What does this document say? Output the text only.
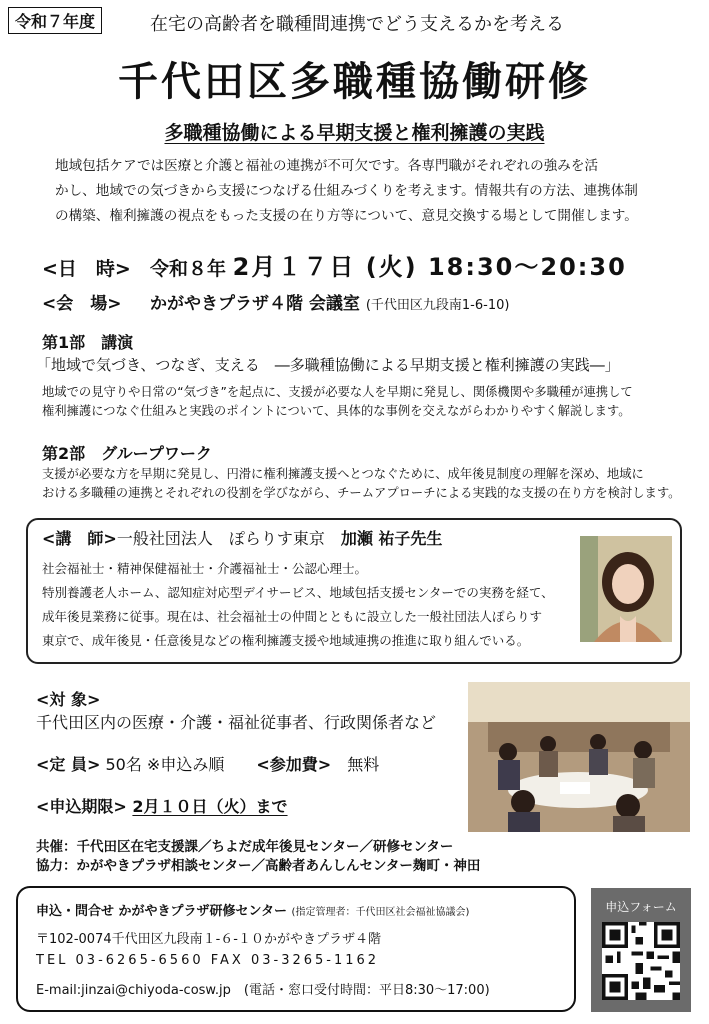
令和７年度	在宅の高齢者を職種間連携でどう支えるかを考える
千代田区多職種協働研修
多職種協働による早期支援と権利擁護の実践
地域包括ケアでは医療と介護と福祉の連携が不可欠です。各専門職がそれぞれの強みを活
かし、地域での気づきから支援につなげる仕組みづくりを考えます。情報共有の方法、連携体制
の構築、権利擁護の視点をもった支援の在り方等について、意見交換する場として開催します。
<日　時> 令和８年 2月１７日 (火) 18:30～20:30
<会　場> かがやきプラザ４階 会議室 (千代田区九段南1-6-10)
第1部　講演
「地域で気づき、つなぎ、支える　―多職種協働による早期支援と権利擁護の実践―」
地域での見守りや日常の“気づき”を起点に、支援が必要な人を早期に発見し、関係機関や多職種が連携して
権利擁護につなぐ仕組みと実践のポイントについて、具体的な事例を交えながらわかりやすく解説します。
第2部　グループワーク
支援が必要な方を早期に発見し、円滑に権利擁護支援へとつなぐために、成年後見制度の理解を深め、地域に
おける多職種の連携とそれぞれの役割を学びながら、チームアプローチによる実践的な支援の在り方を検討します。
<講　師>一般社団法人　ぽらりす東京　 加瀬 祐子先生
社会福祉士・精神保健福祉士・介護福祉士・公認心理士。
特別養護老人ホーム、認知症対応型デイサービス、地域包括支援センターでの実務を経て、
成年後見業務に従事。現在は、社会福祉士の仲間とともに設立した一般社団法人ぽらりす
東京で、成年後見・任意後見などの権利擁護支援や地域連携の推進に取り組んでいる。
<対 象>
千代田区内の医療・介護・福祉従事者、行政関係者など
<定 員> 50名 ※申込み順　　 <参加費>　 無料
<申込期限> 2月１０日（火）まで
共催：千代田区在宅支援課／ちよだ成年後見センター／研修センター
協力：かがやきプラザ相談センター／高齢者あんしんセンター麹町・神田
申込・問合せ かがやきプラザ研修センター (指定管理者：千代田区社会福祉協議会)
〒102-0074千代田区九段南１-６-１０かがやきプラザ４階
TEL 03-6265-6560 FAX 03-3265-1162
E-mail:jinzai@chiyoda-cosw.jp　(電話・窓口受付時間：平日8:30～17:00)
申込フォーム
